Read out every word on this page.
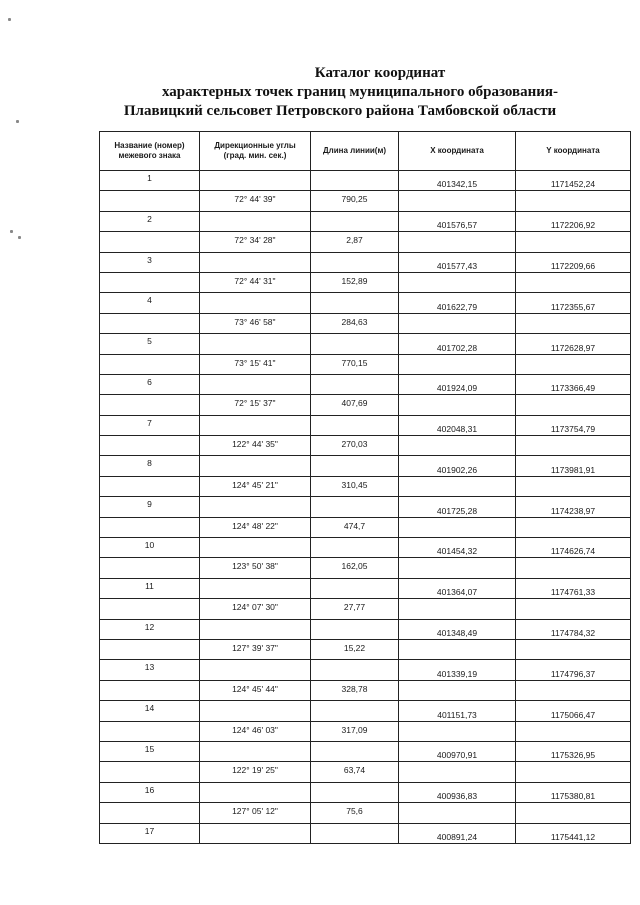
Каталог координат
характерных точек границ муниципального образования-
Плавицкий сельсовет Петровского района Тамбовской области
Название (номер) межевого знака	Дирекционные углы (град. мин. сек.)	Длина линии(м)	X координата	Y координата
1			401342,15	1171452,24
	72° 44' 39"	790,25		
2			401576,57	1172206,92
	72° 34' 28"	2,87		
3			401577,43	1172209,66
	72° 44' 31"	152,89		
4			401622,79	1172355,67
	73° 46' 58"	284,63		
5			401702,28	1172628,97
	73° 15' 41"	770,15		
6			401924,09	1173366,49
	72° 15' 37"	407,69		
7			402048,31	1173754,79
	122° 44' 35"	270,03		
8			401902,26	1173981,91
	124° 45' 21"	310,45		
9			401725,28	1174238,97
	124° 48' 22"	474,7		
10			401454,32	1174626,74
	123° 50' 38"	162,05		
11			401364,07	1174761,33
	124° 07' 30"	27,77		
12			401348,49	1174784,32
	127° 39' 37"	15,22		
13			401339,19	1174796,37
	124° 45' 44"	328,78		
14			401151,73	1175066,47
	124° 46' 03"	317,09		
15			400970,91	1175326,95
	122° 19' 25"	63,74		
16			400936,83	1175380,81
	127° 05' 12"	75,6		
17			400891,24	1175441,12
